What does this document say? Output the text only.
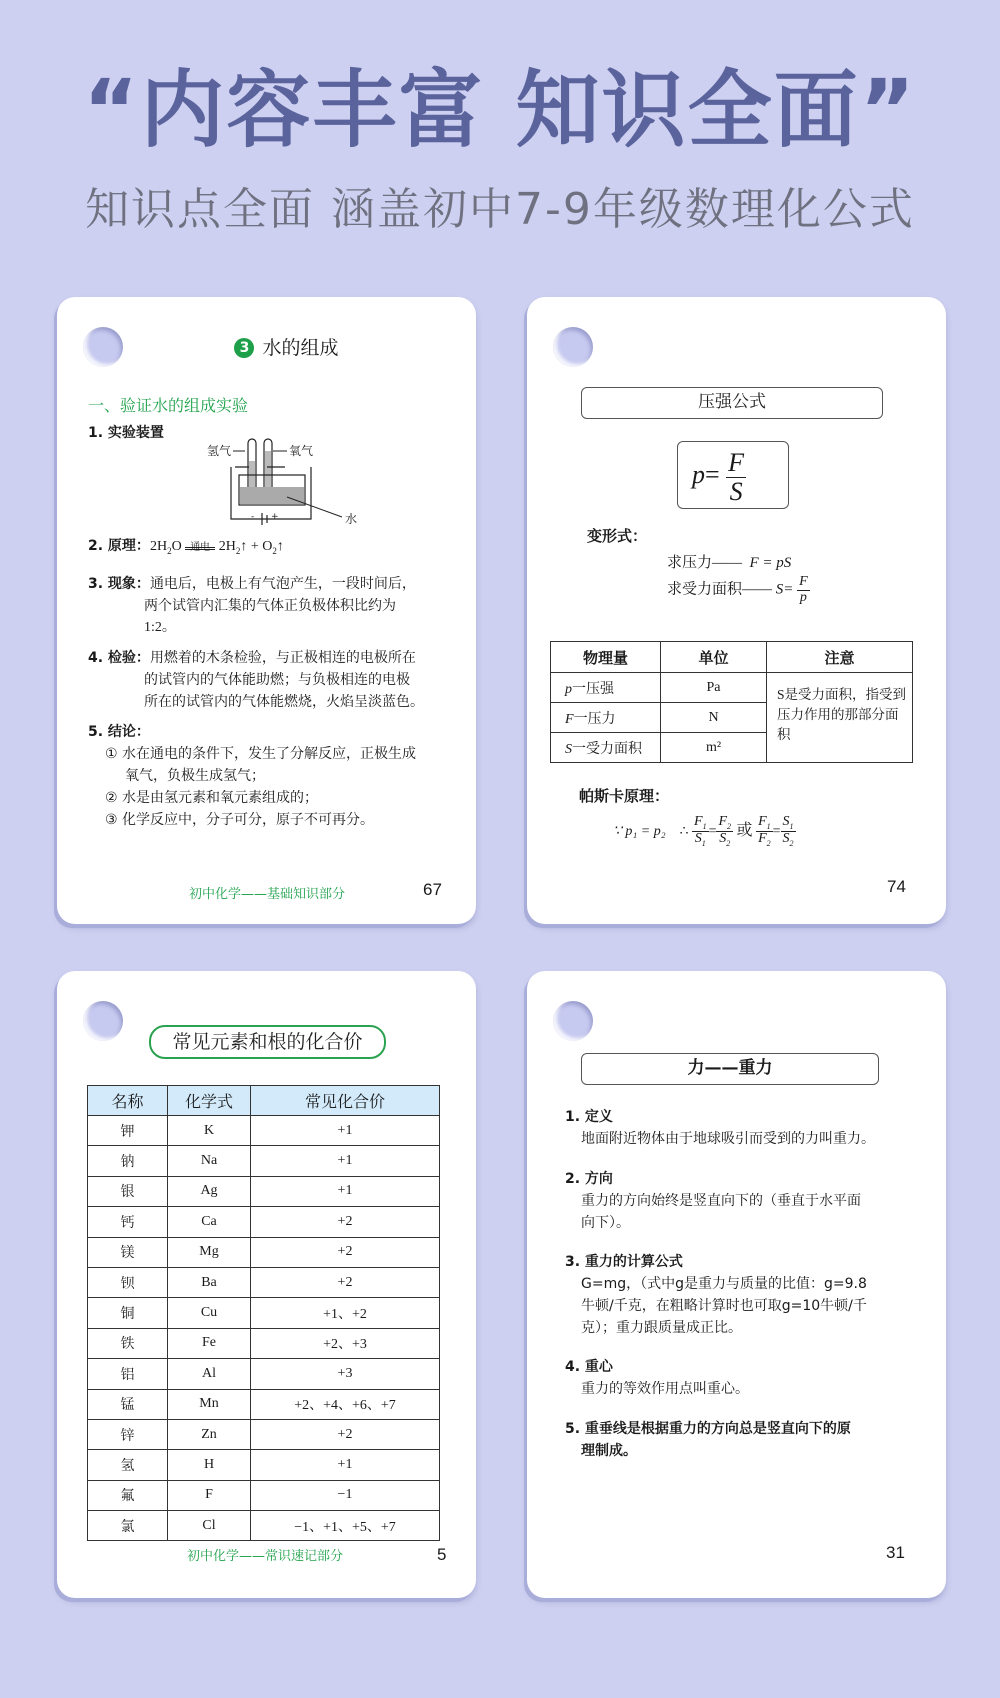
“内容丰富 知识全面”
知识点全面 涵盖初中7-9年级数理化公式
3 水的组成
一、验证水的组成实验
1. 实验装置
氢气	氧气
水
- +
2. 原理：$2H_2O$ 通电 $2H_2↑$ + $O_2↑$
3. 现象：通电后，电极上有气泡产生，一段时间后，
两个试管内汇集的气体正负极体积比约为
1:2。
4. 检验：用燃着的木条检验，与正极相连的电极所在
的试管内的气体能助燃；与负极相连的电极
所在的试管内的气体能燃烧，火焰呈淡蓝色。
5. 结论：
① 水在通电的条件下，发生了分解反应，正极生成
氧气，负极生成氢气；
② 水是由氢元素和氧元素组成的；
③ 化学反应中，分子可分，原子不可再分。
初中化学——基础知识部分	67
压强公式
$p= \frac{F}{S}$
变形式：
求压力—— F = pS
求受力面积—— $S= \frac{F}{p}$
物理量	单位	注意
p一压强	Pa	S是受力面积，指受到压力作用的那部分面积
F一压力	N	
S一受力面积	m²	
帕斯卡原理：
∵ p₁ = p₂ ∴ $\frac{F_1}{S_1} = \frac{F_2}{S_2}$ 或 $\frac{F_1}{F_2} = \frac{S_1}{S_2}$
74
常见元素和根的化合价
名称	化学式	常见化合价
钾	K	+1
钠	Na	+1
银	Ag	+1
钙	Ca	+2
镁	Mg	+2
钡	Ba	+2
铜	Cu	+1、+2
铁	Fe	+2、+3
铝	Al	+3
锰	Mn	+2、+4、+6、+7
锌	Zn	+2
氢	H	+1
氟	F	−1
氯	Cl	−1、+1、+5、+7
初中化学——常识速记部分	5
力——重力
1. 定义
地面附近物体由于地球吸引而受到的力叫重力。
2. 方向
重力的方向始终是竖直向下的（垂直于水平面
向下）。
3. 重力的计算公式
G=mg，（式中g是重力与质量的比值：g=9.8
牛顿/千克，在粗略计算时也可取g=10牛顿/千
克）；重力跟质量成正比。
4. 重心
重力的等效作用点叫重心。
5. 重垂线是根据重力的方向总是竖直向下的原
理制成。
31
